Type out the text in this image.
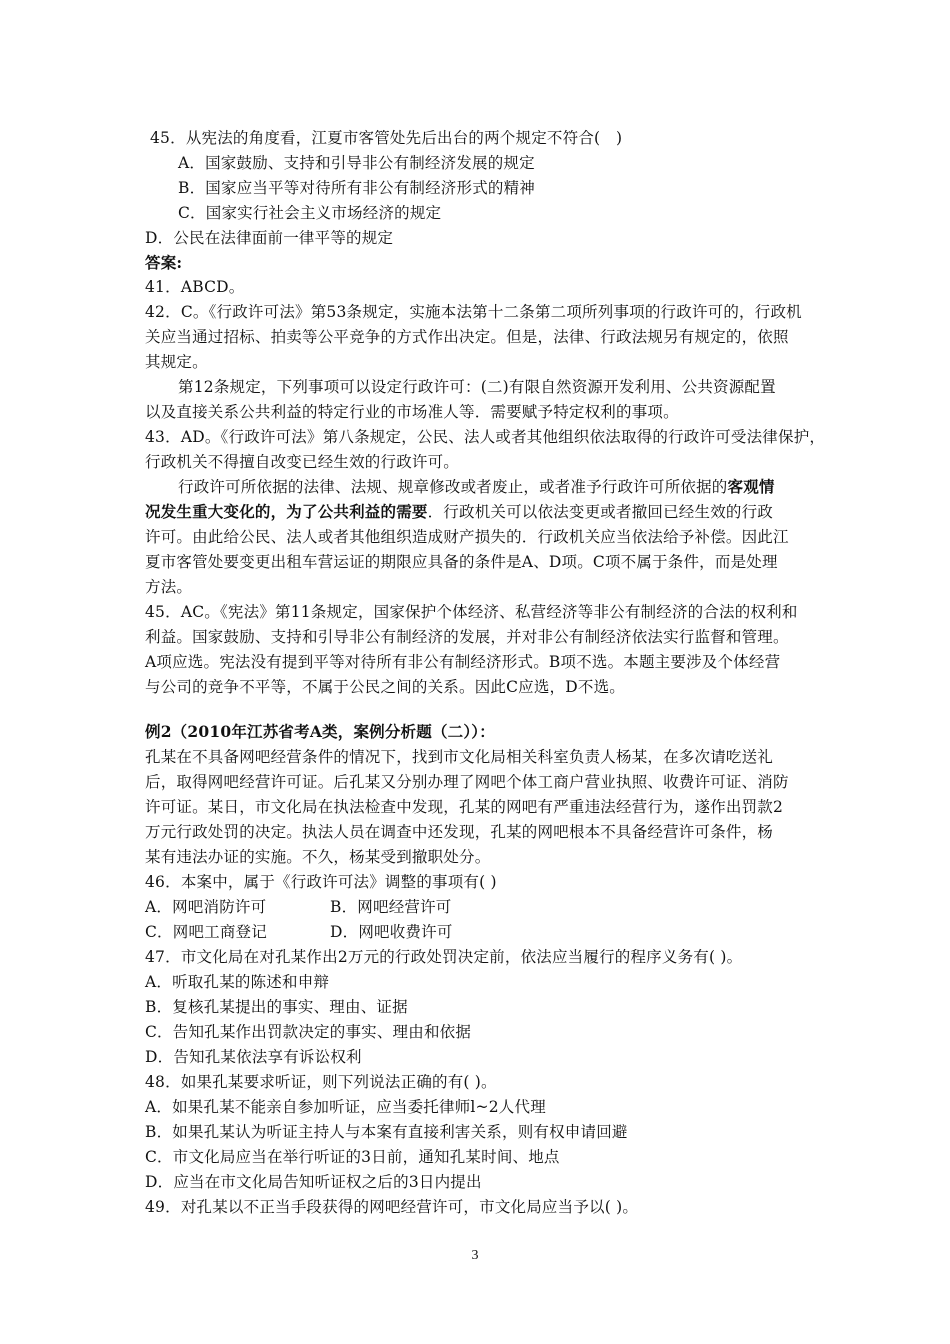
45．从宪法的角度看，江夏市客管处先后出台的两个规定不符合(　)
A．国家鼓励、支持和引导非公有制经济发展的规定
B．国家应当平等对待所有非公有制经济形式的精神
C．国家实行社会主义市场经济的规定
D．公民在法律面前一律平等的规定
答案:
41．ABCD。
42．C。《行政许可法》第53条规定，实施本法第十二条第二项所列事项的行政许可的，行政机
关应当通过招标、拍卖等公平竞争的方式作出决定。但是，法律、行政法规另有规定的，依照
其规定。
第12条规定，下列事项可以设定行政许可：(二)有限自然资源开发利用、公共资源配置
以及直接关系公共利益的特定行业的市场准人等．需要赋予特定权利的事项。
43．AD。《行政许可法》第八条规定，公民、法人或者其他组织依法取得的行政许可受法律保护，
行政机关不得擅自改变已经生效的行政许可。
行政许可所依据的法律、法规、规章修改或者废止，或者准予行政许可所依据的客观情
况发生重大变化的，为了公共利益的需要．行政机关可以依法变更或者撤回已经生效的行政
许可。由此给公民、法人或者其他组织造成财产损失的．行政机关应当依法给予补偿。因此江
夏市客管处要变更出租车营运证的期限应具备的条件是A、D项。C项不属于条件，而是处理
方法。
45．AC。《宪法》第11条规定，国家保护个体经济、私营经济等非公有制经济的合法的权利和
利益。国家鼓励、支持和引导非公有制经济的发展，并对非公有制经济依法实行监督和管理。
A项应选。宪法没有提到平等对待所有非公有制经济形式。B项不选。本题主要涉及个体经营
与公司的竞争不平等，不属于公民之间的关系。因此C应选，D不选。
例2（2010年江苏省考A类，案例分析题（二））：
孔某在不具备网吧经营条件的情况下，找到市文化局相关科室负责人杨某，在多次请吃送礼
后，取得网吧经营许可证。后孔某又分别办理了网吧个体工商户营业执照、收费许可证、消防
许可证。某日，市文化局在执法检查中发现，孔某的网吧有严重违法经营行为，遂作出罚款2
万元行政处罚的决定。执法人员在调查中还发现，孔某的网吧根本不具备经营许可条件，杨
某有违法办证的实施。不久，杨某受到撤职处分。
46．本案中，属于《行政许可法》调整的事项有( )
A．网吧消防许可	B．网吧经营许可
C．网吧工商登记	D．网吧收费许可
47．市文化局在对孔某作出2万元的行政处罚决定前，依法应当履行的程序义务有( )。
A．听取孔某的陈述和申辩
B．复核孔某提出的事实、理由、证据
C．告知孔某作出罚款决定的事实、理由和依据
D．告知孔某依法享有诉讼权利
48．如果孔某要求听证，则下列说法正确的有( )。
A．如果孔某不能亲自参加听证，应当委托律师l~2人代理
B．如果孔某认为听证主持人与本案有直接利害关系，则有权申请回避
C．市文化局应当在举行听证的3日前，通知孔某时间、地点
D．应当在市文化局告知听证权之后的3日内提出
49．对孔某以不正当手段获得的网吧经营许可，市文化局应当予以( )。
3
